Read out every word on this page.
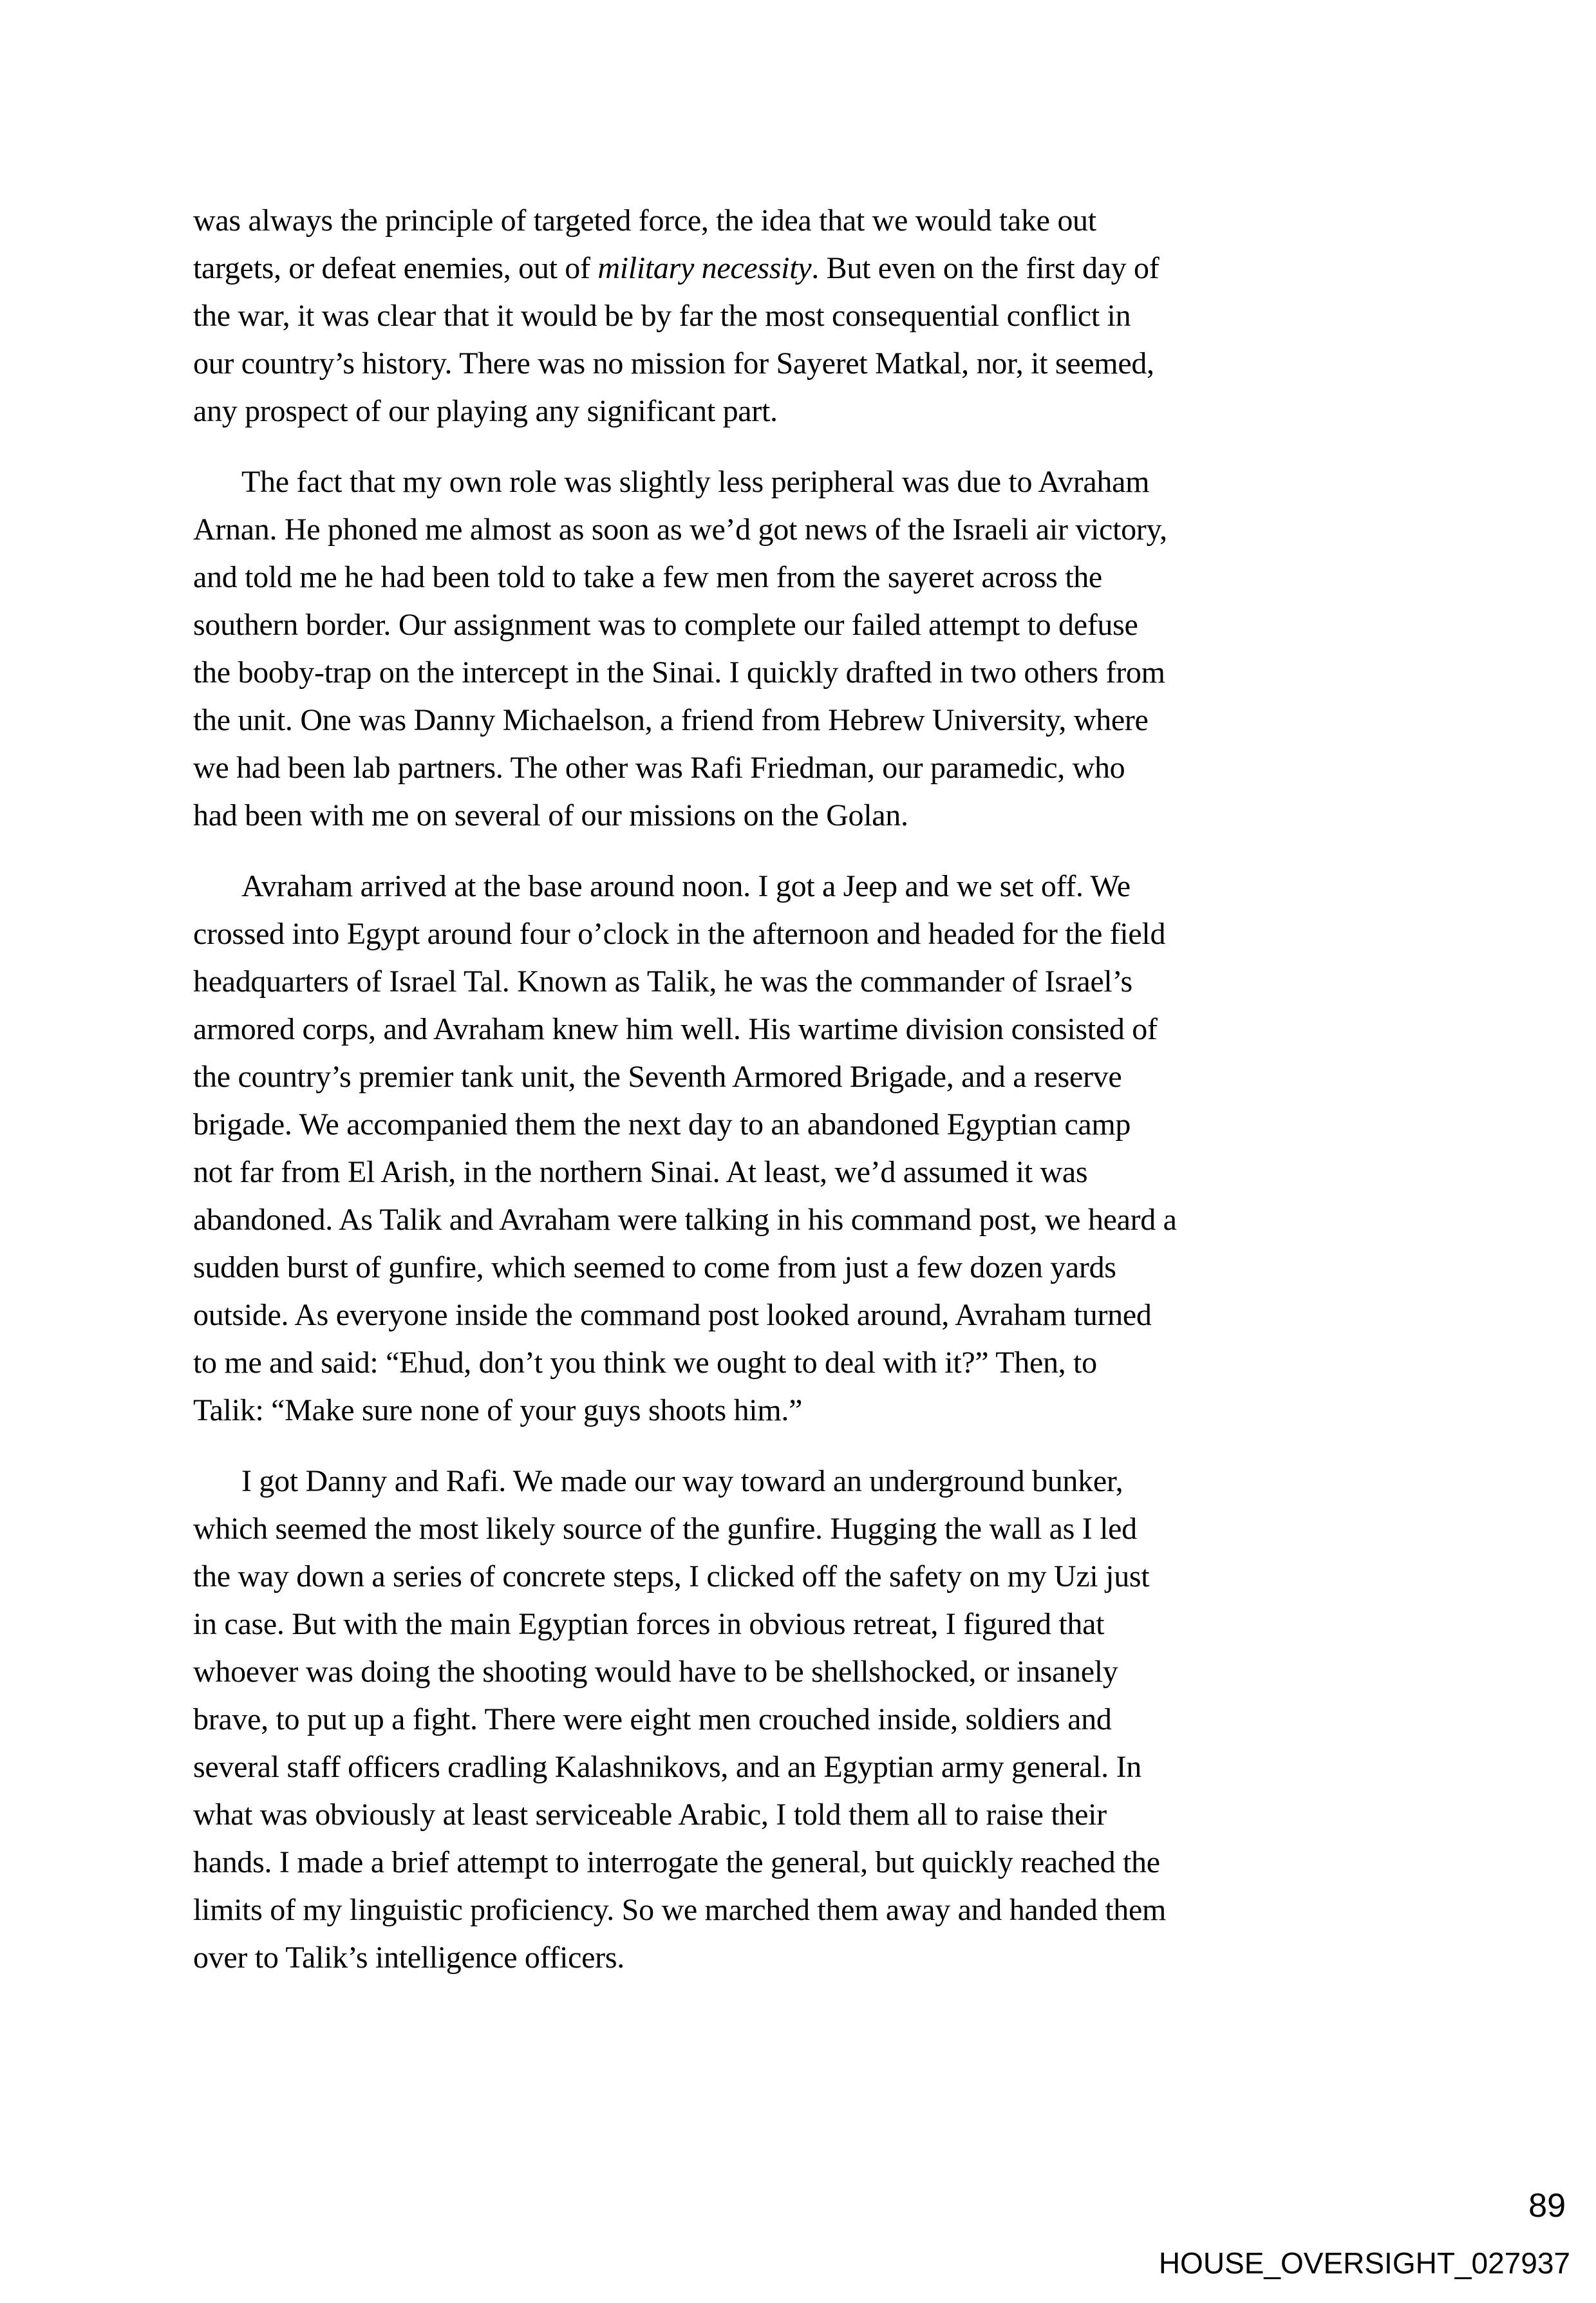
was always the principle of targeted force, the idea that we would take out
targets, or defeat enemies, out of military necessity. But even on the first day of
the war, it was clear that it would be by far the most consequential conflict in
our country’s history. There was no mission for Sayeret Matkal, nor, it seemed,
any prospect of our playing any significant part.
The fact that my own role was slightly less peripheral was due to Avraham
Arnan. He phoned me almost as soon as we’d got news of the Israeli air victory,
and told me he had been told to take a few men from the sayeret across the
southern border. Our assignment was to complete our failed attempt to defuse
the booby-trap on the intercept in the Sinai. I quickly drafted in two others from
the unit. One was Danny Michaelson, a friend from Hebrew University, where
we had been lab partners. The other was Rafi Friedman, our paramedic, who
had been with me on several of our missions on the Golan.
Avraham arrived at the base around noon. I got a Jeep and we set off. We
crossed into Egypt around four o’clock in the afternoon and headed for the field
headquarters of Israel Tal. Known as Talik, he was the commander of Israel’s
armored corps, and Avraham knew him well. His wartime division consisted of
the country’s premier tank unit, the Seventh Armored Brigade, and a reserve
brigade. We accompanied them the next day to an abandoned Egyptian camp
not far from El Arish, in the northern Sinai. At least, we’d assumed it was
abandoned. As Talik and Avraham were talking in his command post, we heard a
sudden burst of gunfire, which seemed to come from just a few dozen yards
outside. As everyone inside the command post looked around, Avraham turned
to me and said: “Ehud, don’t you think we ought to deal with it?” Then, to
Talik: “Make sure none of your guys shoots him.”
I got Danny and Rafi. We made our way toward an underground bunker,
which seemed the most likely source of the gunfire. Hugging the wall as I led
the way down a series of concrete steps, I clicked off the safety on my Uzi just
in case. But with the main Egyptian forces in obvious retreat, I figured that
whoever was doing the shooting would have to be shellshocked, or insanely
brave, to put up a fight. There were eight men crouched inside, soldiers and
several staff officers cradling Kalashnikovs, and an Egyptian army general. In
what was obviously at least serviceable Arabic, I told them all to raise their
hands. I made a brief attempt to interrogate the general, but quickly reached the
limits of my linguistic proficiency. So we marched them away and handed them
over to Talik’s intelligence officers.
89
HOUSE_OVERSIGHT_027937
